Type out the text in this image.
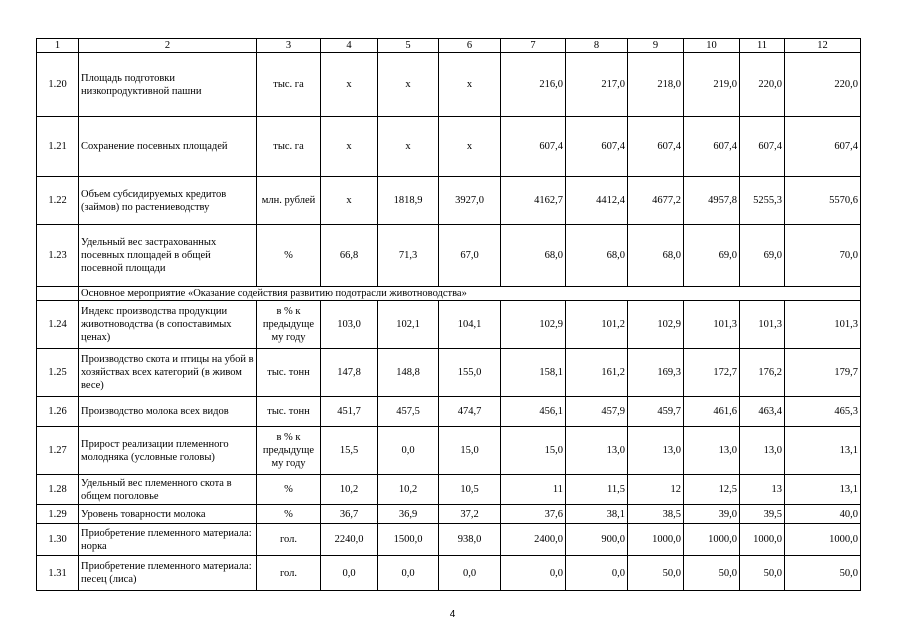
1	2	3	4	5	6	7	8	9	10	11	12
1.20	Площадь подготовки низкопродуктивной пашни	тыс. га	x	x	x	216,0	217,0	218,0	219,0	220,0	220,0
1.21	Сохранение посевных площадей	тыс. га	x	x	x	607,4	607,4	607,4	607,4	607,4	607,4
1.22	Объем субсидируемых кредитов (займов) по растениеводству	млн. рублей	x	1818,9	3927,0	4162,7	4412,4	4677,2	4957,8	5255,3	5570,6
1.23	Удельный вес застрахованных посевных площадей в общей посевной площади	%	66,8	71,3	67,0	68,0	68,0	68,0	69,0	69,0	70,0
	Основное мероприятие «Оказание содействия развитию подотрасли животноводства»										
1.24	Индекс производства продукции животноводства (в сопоставимых ценах)	в % к предыдуще му году	103,0	102,1	104,1	102,9	101,2	102,9	101,3	101,3	101,3
1.25	Производство скота и птицы на убой в хозяйствах всех категорий (в живом весе)	тыс. тонн	147,8	148,8	155,0	158,1	161,2	169,3	172,7	176,2	179,7
1.26	Производство молока всех видов	тыс. тонн	451,7	457,5	474,7	456,1	457,9	459,7	461,6	463,4	465,3
1.27	Прирост реализации племенного молодняка (условные головы)	в % к предыдуще му году	15,5	0,0	15,0	15,0	13,0	13,0	13,0	13,0	13,1
1.28	Удельный вес племенного скота в общем поголовье	%	10,2	10,2	10,5	11	11,5	12	12,5	13	13,1
1.29	Уровень товарности молока	%	36,7	36,9	37,2	37,6	38,1	38,5	39,0	39,5	40,0
1.30	Приобретение племенного материала: норка	гол.	2240,0	1500,0	938,0	2400,0	900,0	1000,0	1000,0	1000,0	1000,0
1.31	Приобретение племенного материала: песец (лиса)	гол.	0,0	0,0	0,0	0,0	0,0	50,0	50,0	50,0	50,0
4
